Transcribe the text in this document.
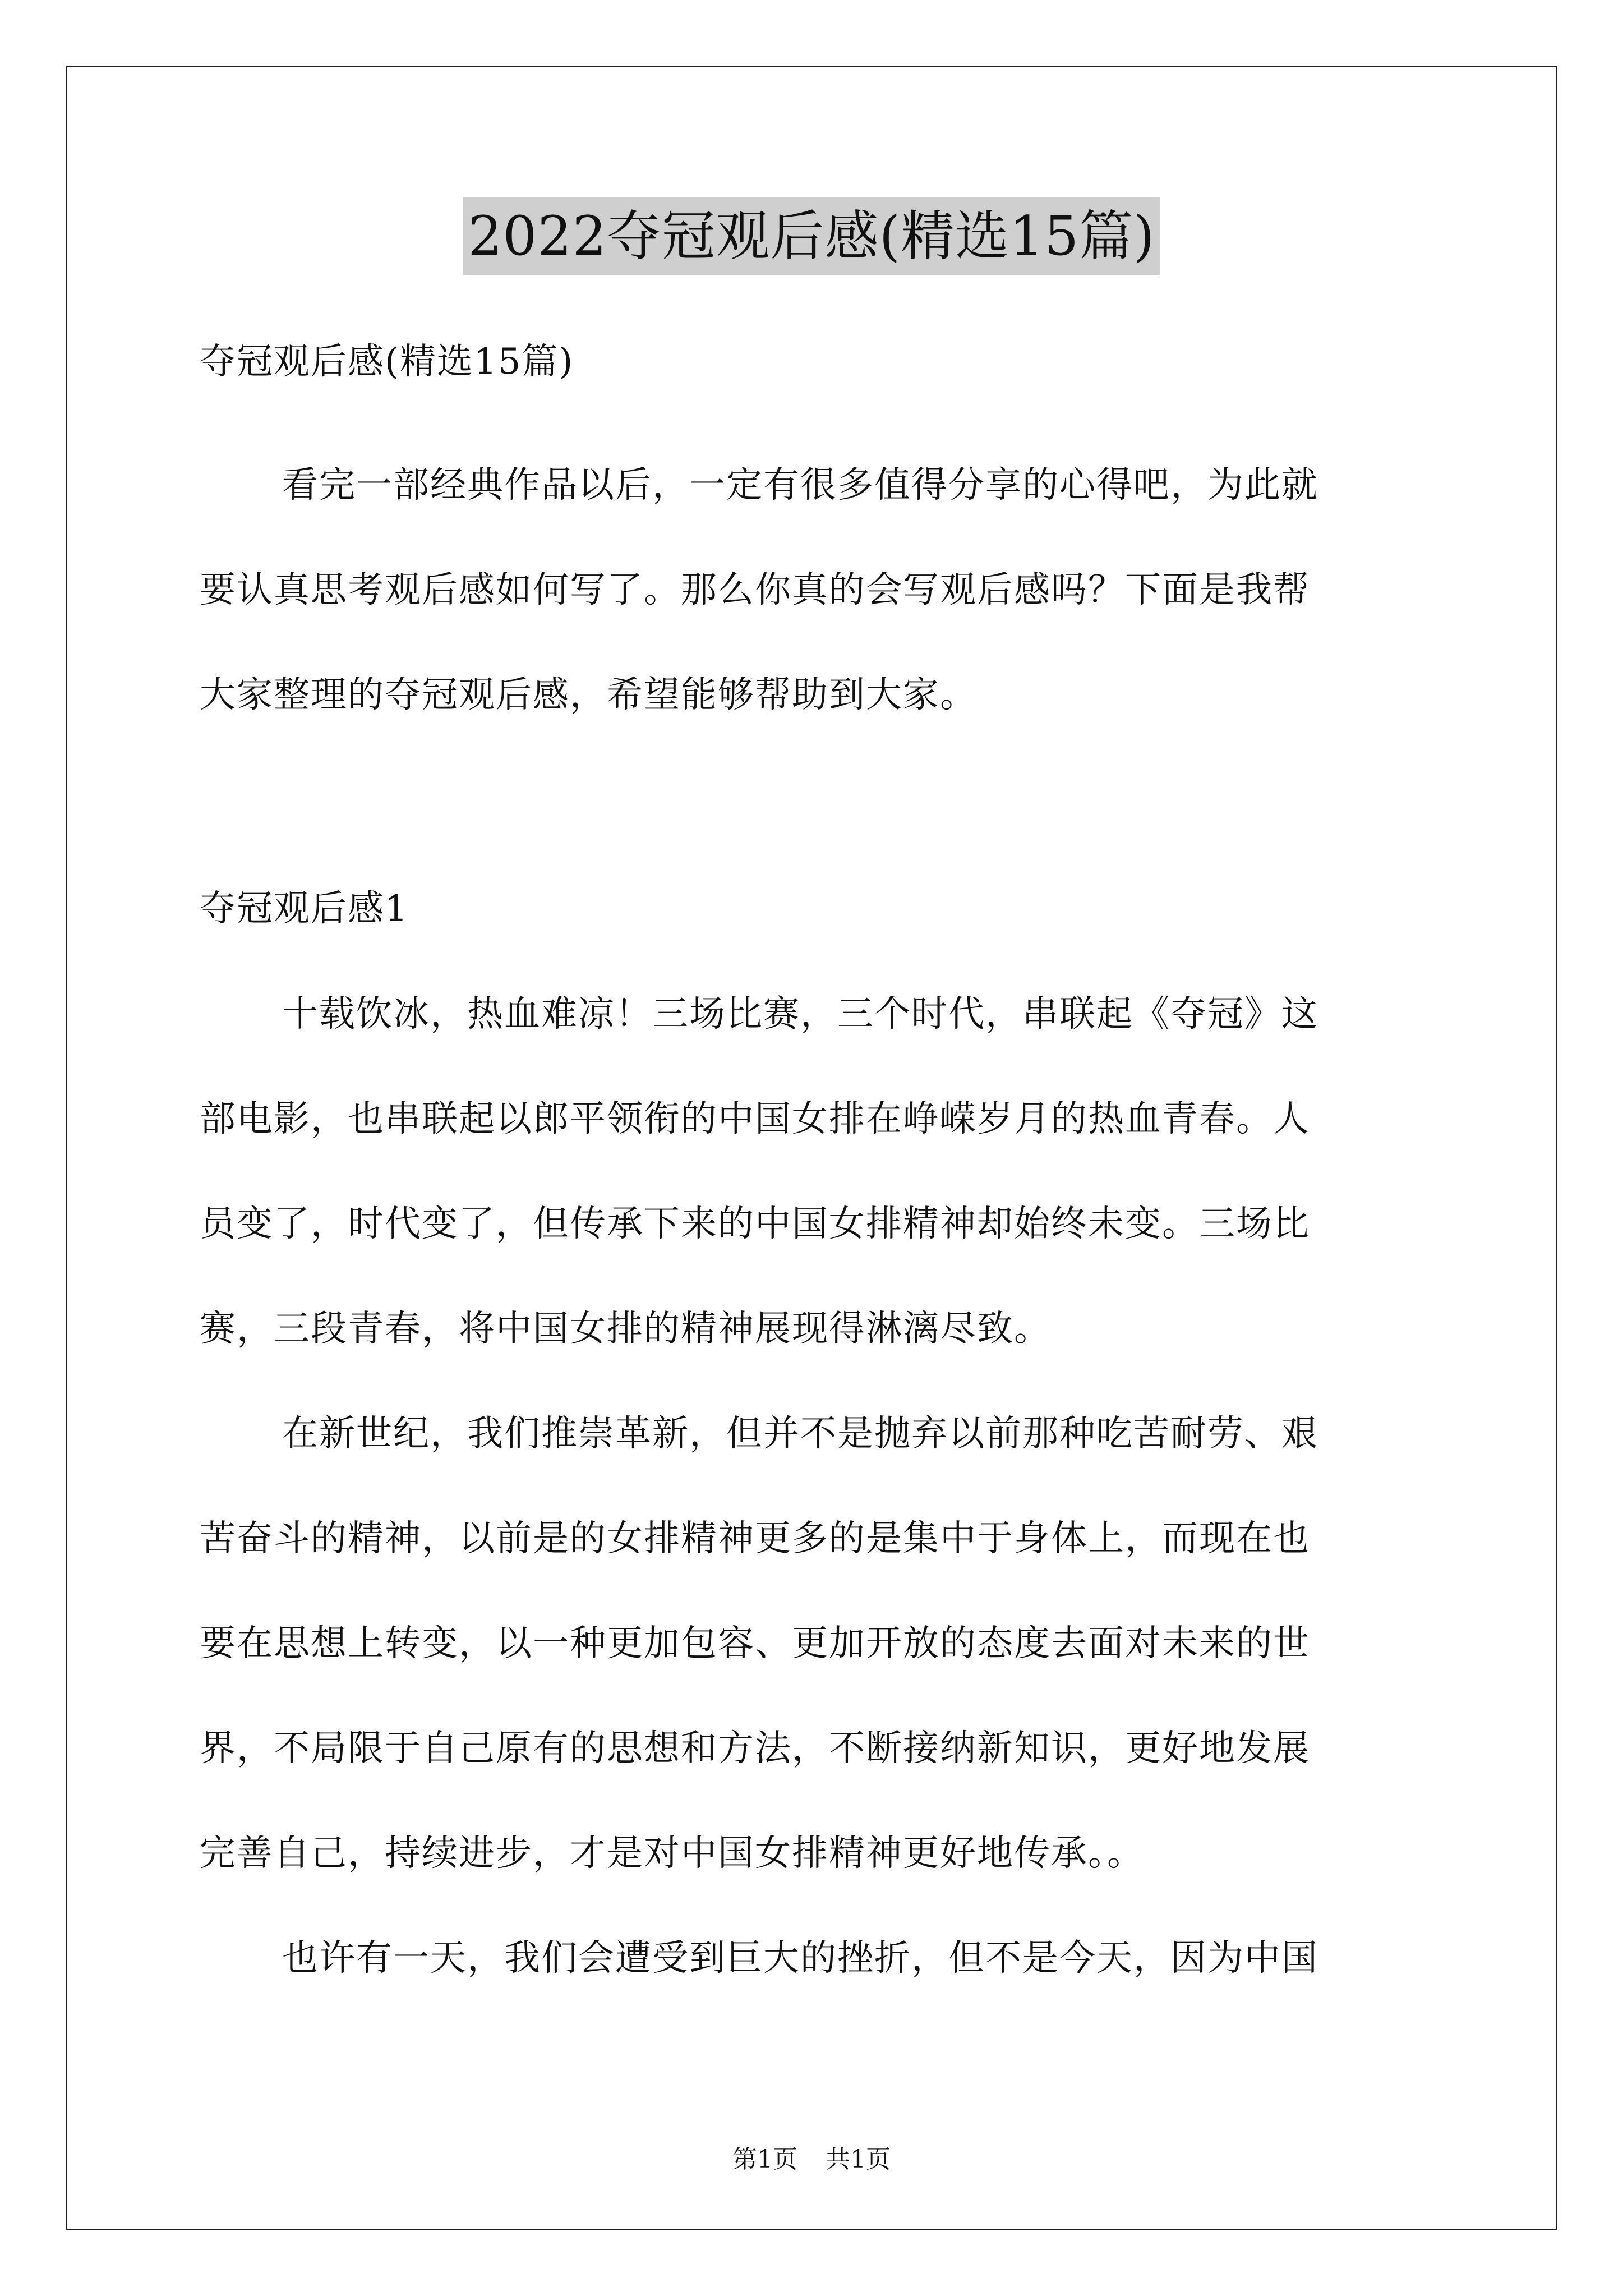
2022夺冠观后感(精选15篇)
夺冠观后感(精选15篇)
看完一部经典作品以后，一定有很多值得分享的心得吧，为此就
要认真思考观后感如何写了。那么你真的会写观后感吗？下面是我帮
大家整理的夺冠观后感，希望能够帮助到大家。
夺冠观后感1
十载饮冰，热血难凉！三场比赛，三个时代，串联起《夺冠》这
部电影，也串联起以郎平领衔的中国女排在峥嵘岁月的热血青春。人
员变了，时代变了，但传承下来的中国女排精神却始终未变。三场比
赛，三段青春，将中国女排的精神展现得淋漓尽致。
在新世纪，我们推崇革新，但并不是抛弃以前那种吃苦耐劳、艰
苦奋斗的精神，以前是的女排精神更多的是集中于身体上，而现在也
要在思想上转变，以一种更加包容、更加开放的态度去面对未来的世
界，不局限于自己原有的思想和方法，不断接纳新知识，更好地发展
完善自己，持续进步，才是对中国女排精神更好地传承。。
也许有一天，我们会遭受到巨大的挫折，但不是今天，因为中国
第1页 共1页
